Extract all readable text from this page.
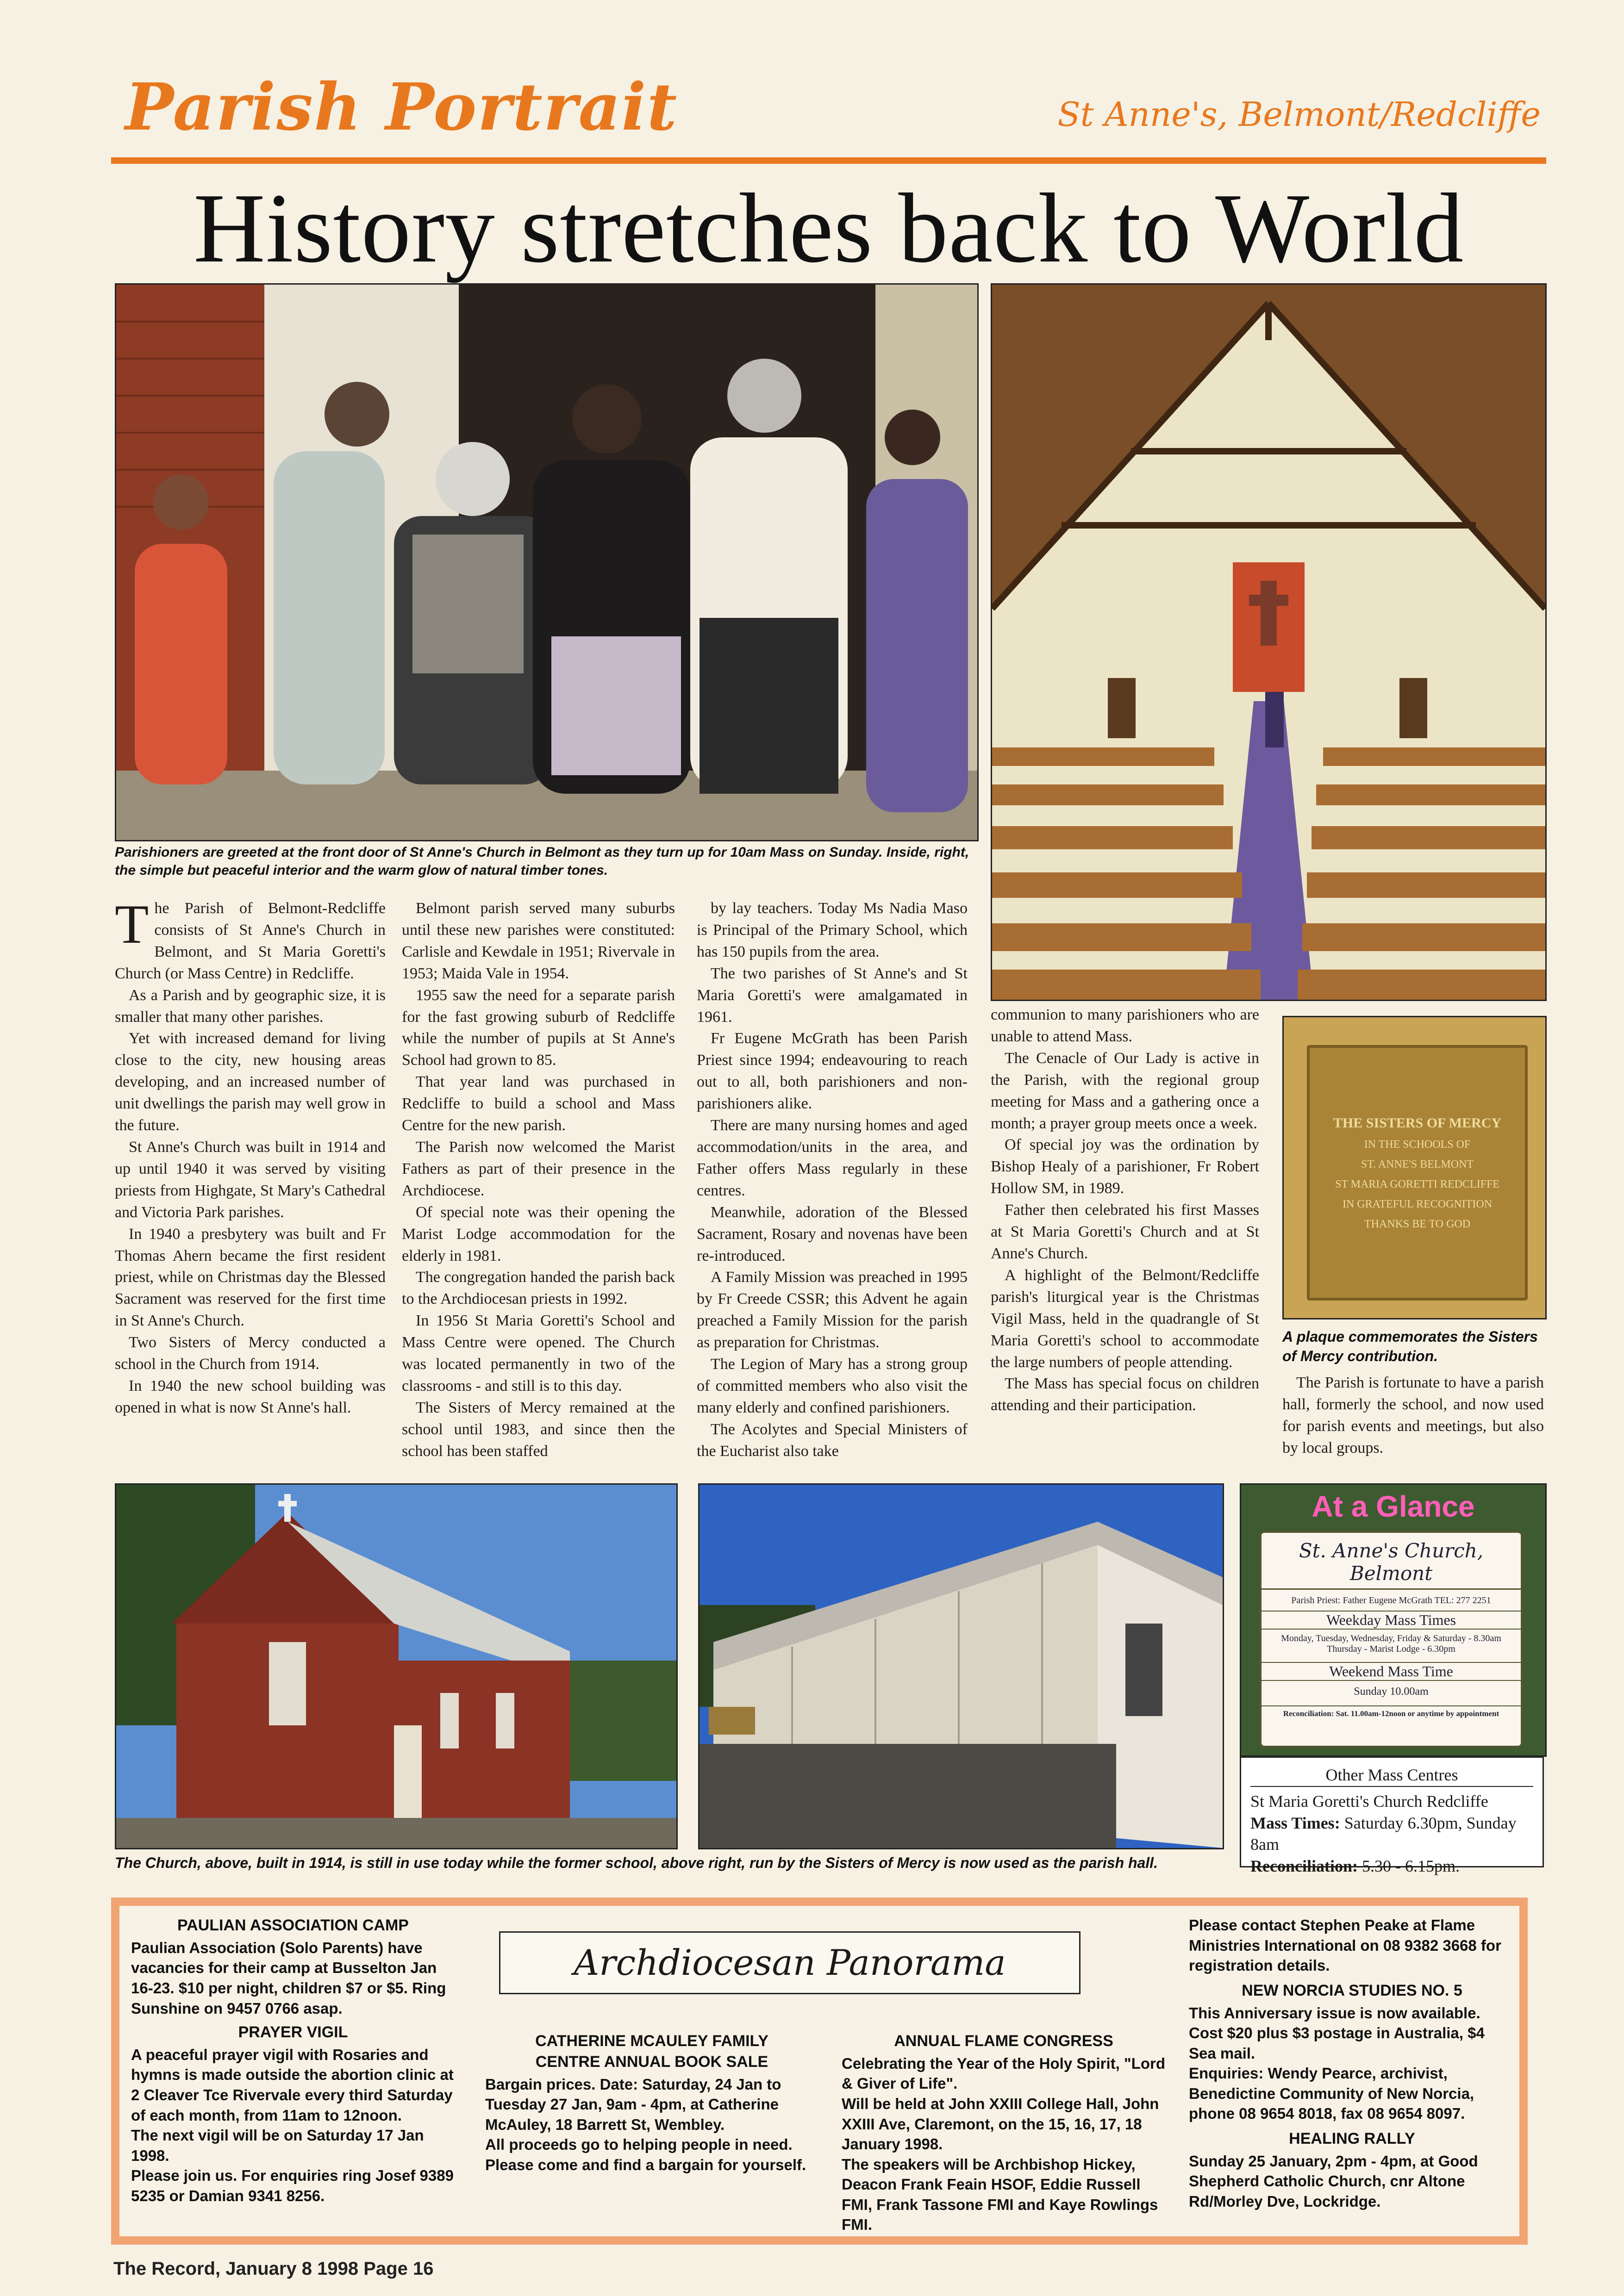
Parish Portrait	St Anne's, Belmont/Redcliffe
History stretches back to World
Parishioners are greeted at the front door of St Anne's Church in Belmont as they turn up for 10am Mass on Sunday. Inside, right, the simple but peaceful interior and the warm glow of natural timber tones.

The Parish of Belmont-Redcliffe consists of St Anne's Church in Belmont, and St Maria Goretti's Church (or Mass Centre) in Redcliffe.

As a Parish and by geographic size, it is smaller that many other parishes.

Yet with increased demand for living close to the city, new housing areas developing, and an increased number of unit dwellings the parish may well grow in the future.

St Anne's Church was built in 1914 and up until 1940 it was served by visiting priests from Highgate, St Mary's Cathedral and Victoria Park parishes.

In 1940 a presbytery was built and Fr Thomas Ahern became the first resident priest, while on Christmas day the Blessed Sacrament was reserved for the first time in St Anne's Church.

Two Sisters of Mercy conducted a school in the Church from 1914.

In 1940 the new school building was opened in what is now St Anne's hall.

Belmont parish served many suburbs until these new parishes were constituted: Carlisle and Kewdale in 1951; Rivervale in 1953; Maida Vale in 1954.

1955 saw the need for a separate parish for the fast growing suburb of Redcliffe while the number of pupils at St Anne's School had grown to 85.

That year land was purchased in Redcliffe to build a school and Mass Centre for the new parish.

The Parish now welcomed the Marist Fathers as part of their presence in the Archdiocese.

Of special note was their opening the Marist Lodge accommodation for the elderly in 1981.

The congregation handed the parish back to the Archdiocesan priests in 1992.

In 1956 St Maria Goretti's School and Mass Centre were opened. The Church was located permanently in two of the classrooms - and still is to this day.

The Sisters of Mercy remained at the school until 1983, and since then the school has been staffed

by lay teachers. Today Ms Nadia Maso is Principal of the Primary School, which has 150 pupils from the area.

The two parishes of St Anne's and St Maria Goretti's were amalgamated in 1961.

Fr Eugene McGrath has been Parish Priest since 1994; endeavouring to reach out to all, both parishioners and non-parishioners alike.

There are many nursing homes and aged accommodation/units in the area, and Father offers Mass regularly in these centres.

Meanwhile, adoration of the Blessed Sacrament, Rosary and novenas have been re-introduced.

A Family Mission was preached in 1995 by Fr Creede CSSR; this Advent he again preached a Family Mission for the parish as preparation for Christmas.

The Legion of Mary has a strong group of committed members who also visit the many elderly and confined parishioners.

The Acolytes and Special Ministers of the Eucharist also take

communion to many parishioners who are unable to attend Mass.

The Cenacle of Our Lady is active in the Parish, with the regional group meeting for Mass and a gathering once a month; a prayer group meets once a week.

Of special joy was the ordination by Bishop Healy of a parishioner, Fr Robert Hollow SM, in 1989.

Father then celebrated his first Masses at St Maria Goretti's Church and at St Anne's Church.

A highlight of the Belmont/Redcliffe parish's liturgical year is the Christmas Vigil Mass, held in the quadrangle of St Maria Goretti's school to accommodate the large numbers of people attending.

The Mass has special focus on children attending and their participation.

THE SISTERS OF MERCY
IN THE SCHOOLS OF
ST. ANNE'S BELMONT
ST MARIA GORETTI REDCLIFFE
IN GRATEFUL RECOGNITION
THANKS BE TO GOD
A plaque commemorates the Sisters of Mercy contribution.

The Parish is fortunate to have a parish hall, formerly the school, and now used for parish events and meetings, but also by local groups.

At a Glance
St. Anne's Church, Belmont
Parish Priest: Father Eugene McGrath TEL: 277 2251
Weekday Mass Times
Monday, Tuesday, Wednesday, Friday & Saturday - 8.30am Thursday - Marist Lodge - 6.30pm
Weekend Mass Time
Sunday 10.00am
Reconciliation: Sat. 11.00am-12noon or anytime by appointment
Other Mass Centres
St Maria Goretti's Church Redcliffe
Mass Times: Saturday 6.30pm, Sunday 8am
Reconciliation: 5.30 - 6.15pm.
The Church, above, built in 1914, is still in use today while the former school, above right, run by the Sisters of Mercy is now used as the parish hall.
PAULIAN ASSOCIATION CAMP

Paulian Association (Solo Parents) have vacancies for their camp at Busselton Jan 16-23. $10 per night, children $7 or $5. Ring Sunshine on 9457 0766 asap.

PRAYER VIGIL

A peaceful prayer vigil with Rosaries and hymns is made outside the abortion clinic at 2 Cleaver Tce Rivervale every third Saturday of each month, from 11am to 12noon.

The next vigil will be on Saturday 17 Jan 1998.

Please join us. For enquiries ring Josef 9389 5235 or Damian 9341 8256.

Archdiocesan Panorama
CATHERINE MCAULEY FAMILY CENTRE ANNUAL BOOK SALE

Bargain prices. Date: Saturday, 24 Jan to Tuesday 27 Jan, 9am - 4pm, at Catherine McAuley, 18 Barrett St, Wembley.

All proceeds go to helping people in need.

Please come and find a bargain for yourself.

ANNUAL FLAME CONGRESS

Celebrating the Year of the Holy Spirit, "Lord & Giver of Life".

Will be held at John XXIII College Hall, John XXIII Ave, Claremont, on the 15, 16, 17, 18 January 1998.

The speakers will be Archbishop Hickey, Deacon Frank Feain HSOF, Eddie Russell FMI, Frank Tassone FMI and Kaye Rowlings FMI.

Please contact Stephen Peake at Flame Ministries International on 08 9382 3668 for registration details.

NEW NORCIA STUDIES NO. 5

This Anniversary issue is now available. Cost $20 plus $3 postage in Australia, $4 Sea mail.

Enquiries: Wendy Pearce, archivist, Benedictine Community of New Norcia, phone 08 9654 8018, fax 08 9654 8097.

HEALING RALLY

Sunday 25 January, 2pm - 4pm, at Good Shepherd Catholic Church, cnr Altone Rd/Morley Dve, Lockridge.

The Record, January 8 1998 Page 16
